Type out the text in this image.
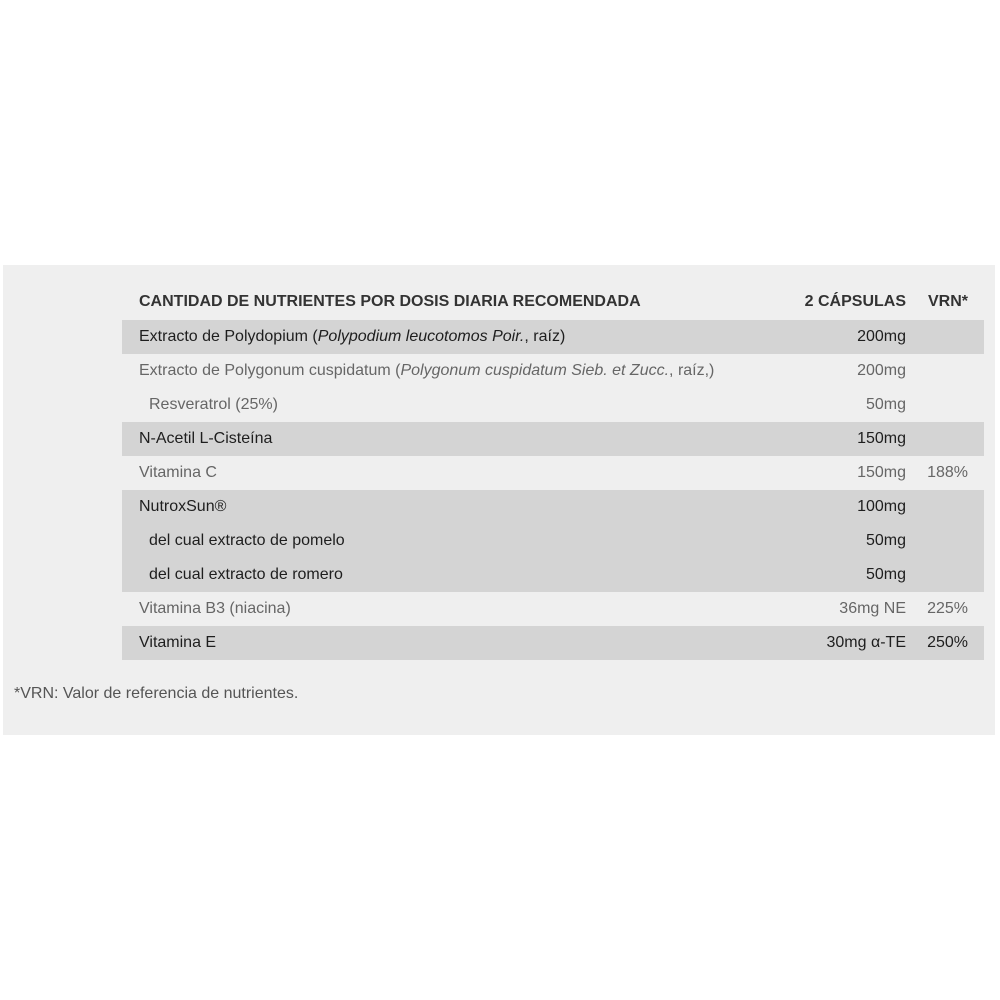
CANTIDAD DE NUTRIENTES POR DOSIS DIARIA RECOMENDADA	2 CÁPSULAS VRN*
Extracto de Polydopium (Polypodium leucotomos Poir., raíz)	200mg
Extracto de Polygonum cuspidatum (Polygonum cuspidatum Sieb. et Zucc., raíz,)	200mg
Resveratrol (25%)	50mg
N-Acetil L-Cisteína	150mg
Vitamina C	150mg 188%
NutroxSun®	100mg
del cual extracto de pomelo	50mg
del cual extracto de romero	50mg
Vitamina B3 (niacina)	36mg NE 225%
Vitamina E	30mg α-TE 250%
*VRN: Valor de referencia de nutrientes.
